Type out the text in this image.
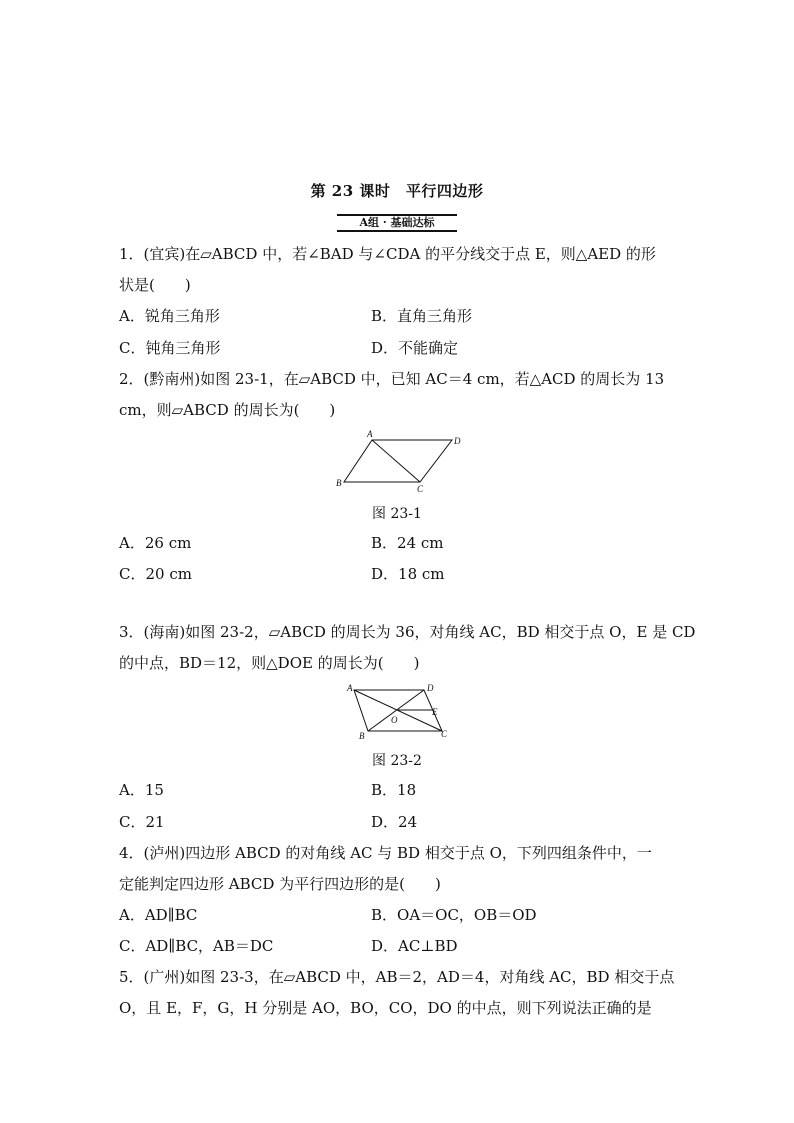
第 23 课时　平行四边形
A组 · 基础达标
1．(宜宾)在▱ABCD 中，若∠BAD 与∠CDA 的平分线交于点 E，则△AED 的形
状是(　　)
A．锐角三角形	B．直角三角形
C．钝角三角形	D．不能确定
2．(黔南州)如图 23-1，在▱ABCD 中，已知 AC＝4 cm，若△ACD 的周长为 13
cm，则▱ABCD 的周长为(　　)
A
D
B
C
图 23-1
A．26 cm	B．24 cm
C．20 cm	D．18 cm
3．(海南)如图 23-2，▱ABCD 的周长为 36，对角线 AC，BD 相交于点 O，E 是 CD
的中点，BD＝12，则△DOE 的周长为(　　)
A	D
E
O
B	C
图 23-2
A．15	B．18
C．21	D．24
4．(泸州)四边形 ABCD 的对角线 AC 与 BD 相交于点 O，下列四组条件中，一
定能判定四边形 ABCD 为平行四边形的是(　　)
A．AD∥BC	B．OA＝OC，OB＝OD
C．AD∥BC，AB＝DC	D．AC⊥BD
5．(广州)如图 23-3，在▱ABCD 中，AB＝2，AD＝4，对角线 AC，BD 相交于点
O，且 E，F，G，H 分别是 AO，BO，CO，DO 的中点，则下列说法正确的是
